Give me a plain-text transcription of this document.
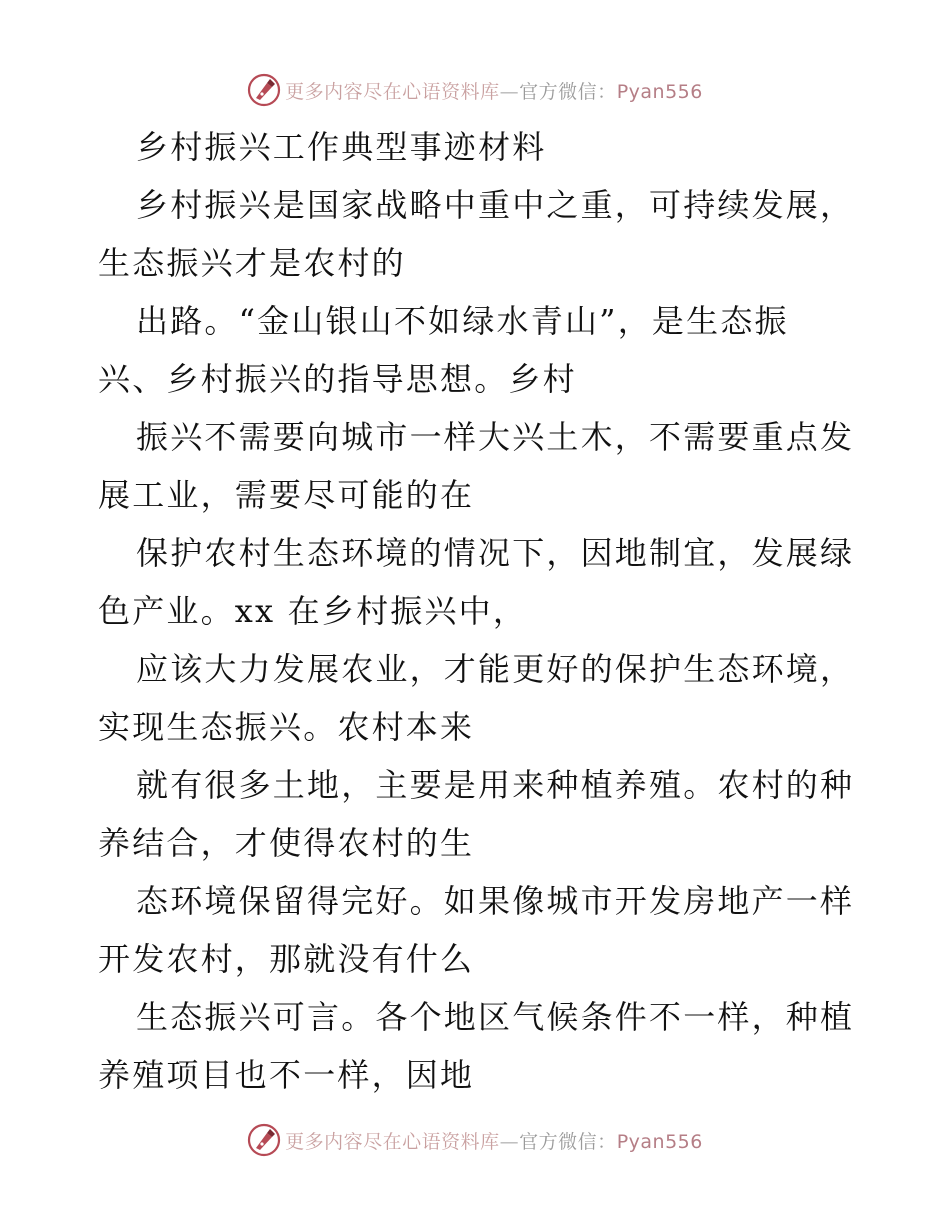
更多内容尽在心语资料库—官方微信：Pyan556
乡村振兴工作典型事迹材料
乡村振兴是国家战略中重中之重，可持续发展，
生态振兴才是农村的
出路。“金山银山不如绿水青山”，是生态振
兴、乡村振兴的指导思想。乡村
振兴不需要向城市一样大兴土木，不需要重点发
展工业，需要尽可能的在
保护农村生态环境的情况下，因地制宜，发展绿
色产业。xx 在乡村振兴中，
应该大力发展农业，才能更好的保护生态环境，
实现生态振兴。农村本来
就有很多土地，主要是用来种植养殖。农村的种
养结合，才使得农村的生
态环境保留得完好。如果像城市开发房地产一样
开发农村，那就没有什么
生态振兴可言。各个地区气候条件不一样，种植
养殖项目也不一样，因地
更多内容尽在心语资料库—官方微信：Pyan556
